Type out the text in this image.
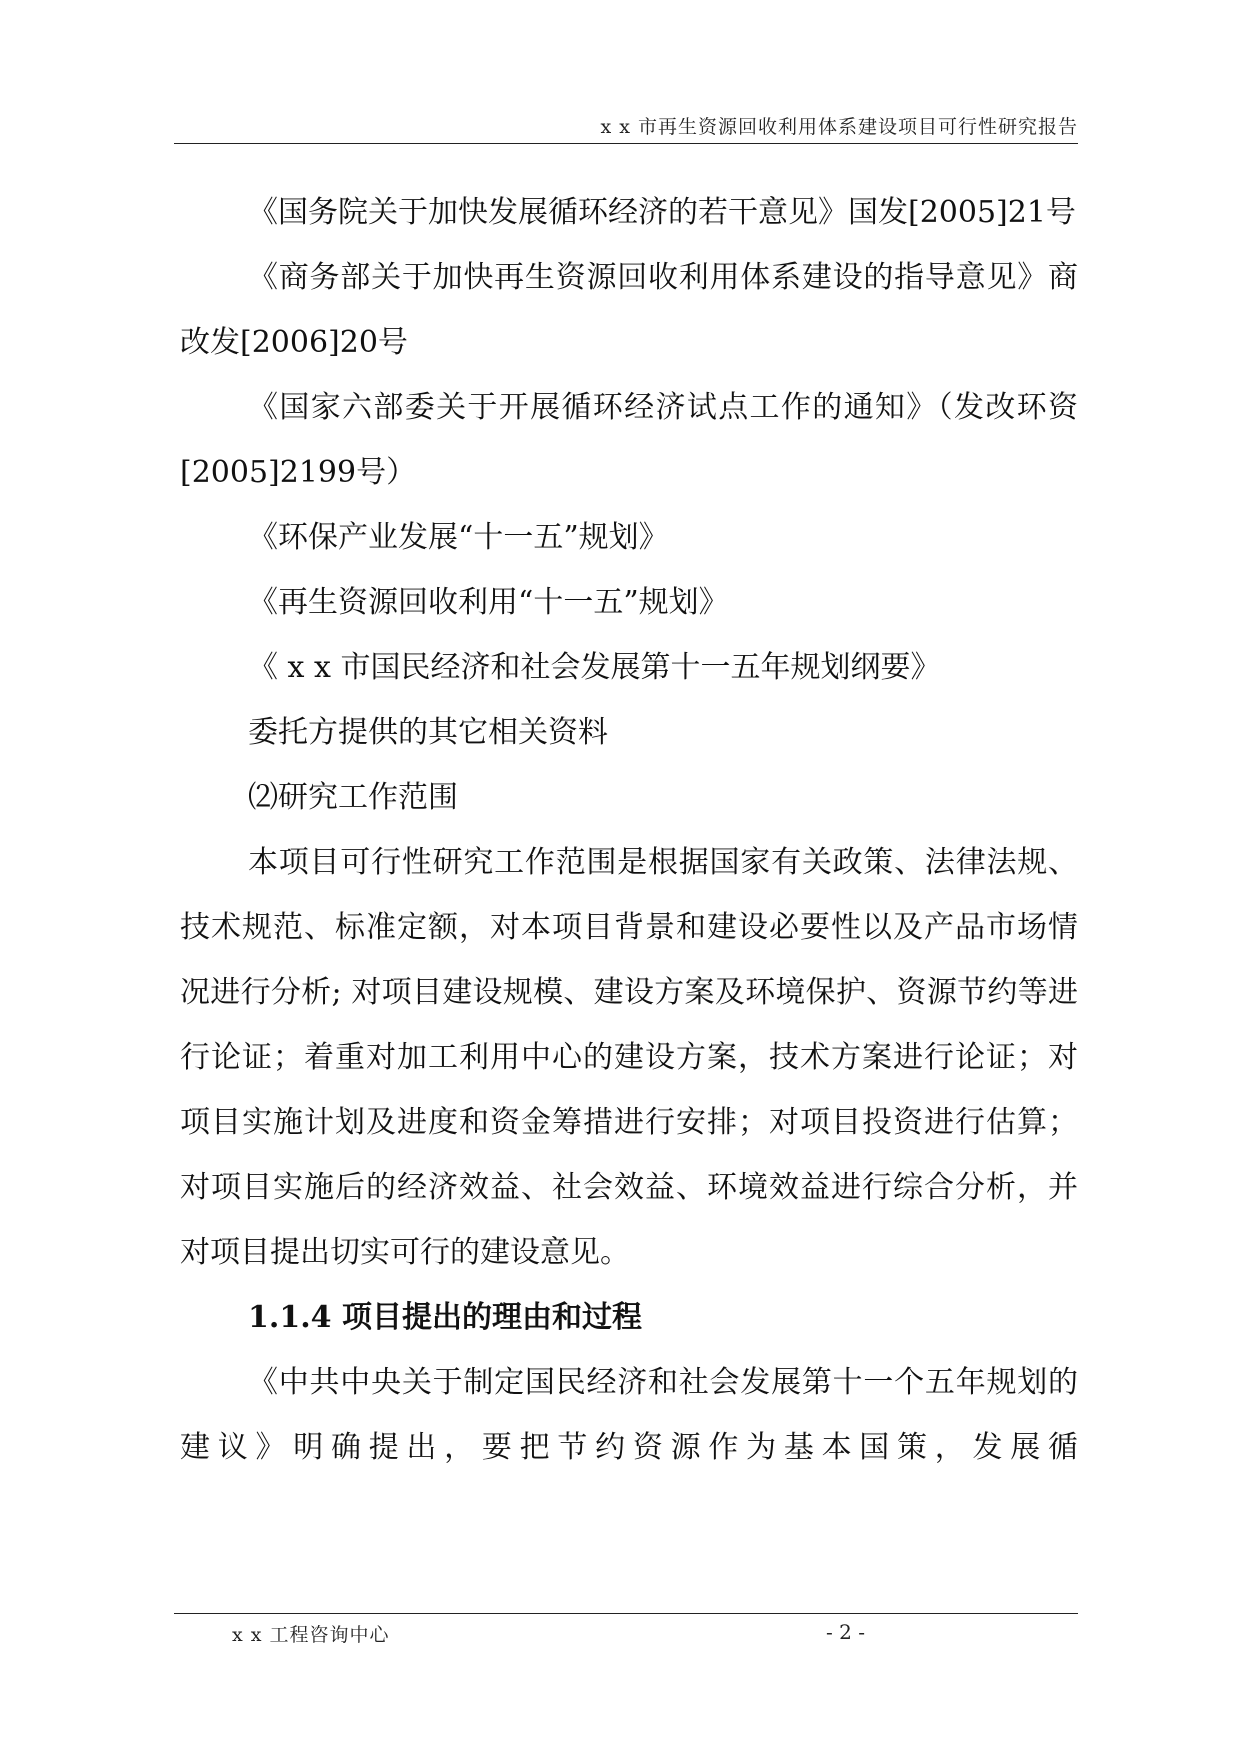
x x 市再生资源回收利用体系建设项目可行性研究报告

《国务院关于加快发展循环经济的若干意见》国发[2005]21号

《商务部关于加快再生资源回收利用体系建设的指导意见》商改发[2006]20号

《国家六部委关于开展循环经济试点工作的通知》（发改环资[2005]2199号）

《环保产业发展“十一五”规划》

《再生资源回收利用“十一五”规划》

《 x x 市国民经济和社会发展第十一五年规划纲要》

委托方提供的其它相关资料

⑵研究工作范围

本项目可行性研究工作范围是根据国家有关政策、法律法规、技术规范、标准定额，对本项目背景和建设必要性以及产品市场情况进行分析; 对项目建设规模、建设方案及环境保护、资源节约等进行论证；着重对加工利用中心的建设方案，技术方案进行论证；对项目实施计划及进度和资金筹措进行安排；对项目投资进行估算；对项目实施后的经济效益、社会效益、环境效益进行综合分析，并对项目提出切实可行的建设意见。

1.1.4 项目提出的理由和过程

《中共中央关于制定国民经济和社会发展第十一个五年规划的建议》明确提出，要把节约资源作为基本国策，发展循

x x 工程咨询中心	- 2 -
